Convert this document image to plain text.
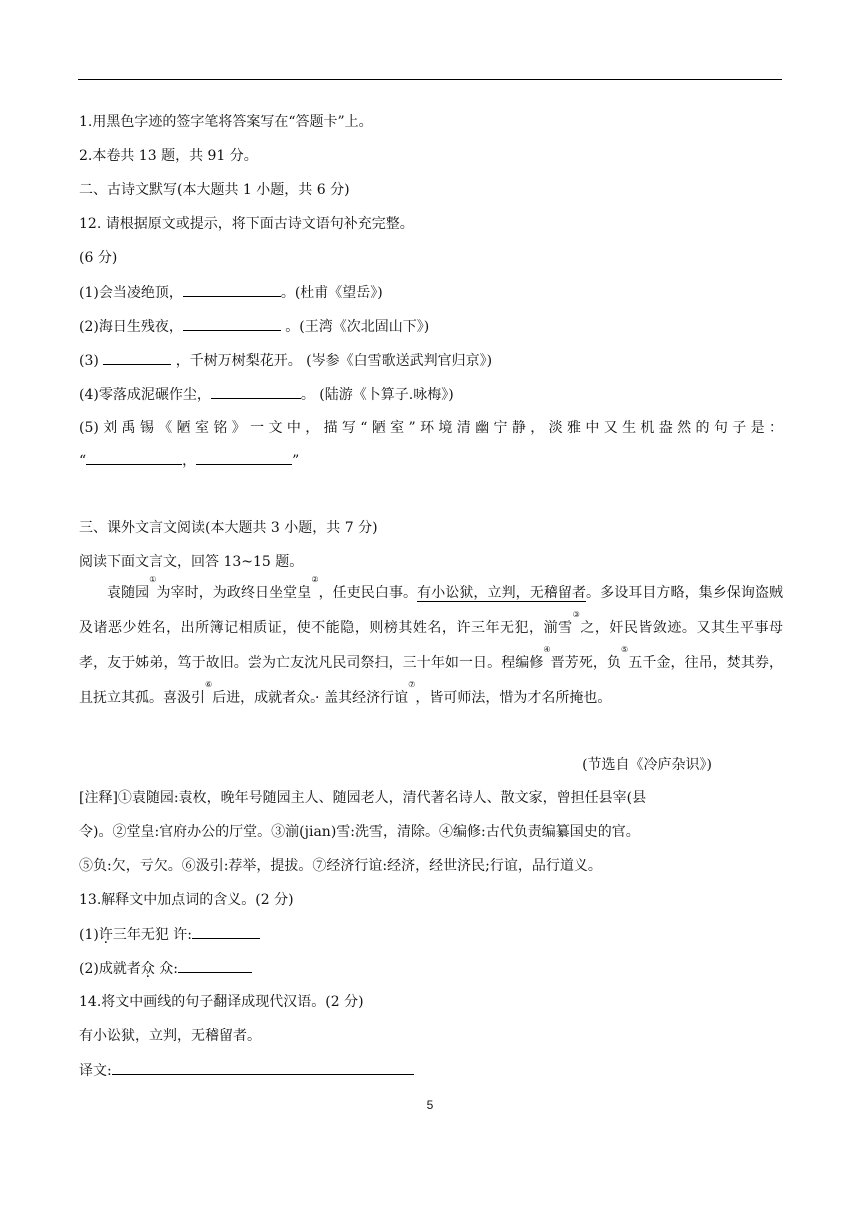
1.用黑色字迹的签字笔将答案写在“答题卡”上。
2.本卷共 13 题，共 91 分。
二、古诗文默写(本大题共 1 小题，共 6 分)
12. 请根据原文或提示，将下面古诗文语句补充完整。
(6 分)
(1)会当凌绝顶，	。(杜甫《望岳》)
(2)海日生残夜，	。(王湾《次北固山下》)
(3)	，千树万树梨花开。 (岑参《白雪歌送武判官归京》)
(4)零落成泥碾作尘，	。 (陆游《卜算子.咏梅》)
(5)刘禹锡《陋室铭》一文中，描写“陋室”环境清幽宁静，淡雅中又生机盎然的句子是：
“	，	”
三、课外文言文阅读(本大题共 3 小题，共 7 分)
阅读下面文言文，回答 13~15 题。
袁随园①为宰时，为政终日坐堂皇②，任吏民白事。有小讼狱，立判，无稽留者。多设耳目方略，集乡保询盗贼及诸恶少姓名，出所簿记相质证，使不能隐，则榜其姓名，许 ·三年无犯，湔雪③之，奸民皆敛迹。又其生平事母孝，友于姊弟，笃于故旧。尝为亡友沈凡民司祭扫，三十年如一日。程编修④晋芳死，负⑤五千金，往吊，焚其券，且抚立其孤。喜汲引⑥后进，成就者众 ·。盖其经济行谊⑦，皆可师法，惜为才名所掩也。
(节选自《冷庐杂识》)
[注释]①袁随园:袁枚，晚年号随园主人、随园老人，清代著名诗人、散文家，曾担任县宰(县
令)。②堂皇:官府办公的厅堂。③湔(jian)雪:洗雪，清除。④编修:古代负责编纂国史的官。
⑤负:欠，亏欠。⑥汲引:荐举，提拔。⑦经济行谊:经济，经世济民;行谊，品行道义。
13.解释文中加点词的含义。(2 分)
(1)许三年无犯 许:
(2)成就者众 众:
14.将文中画线的句子翻译成现代汉语。(2 分)
有小讼狱，立判，无稽留者。
译文:
5
